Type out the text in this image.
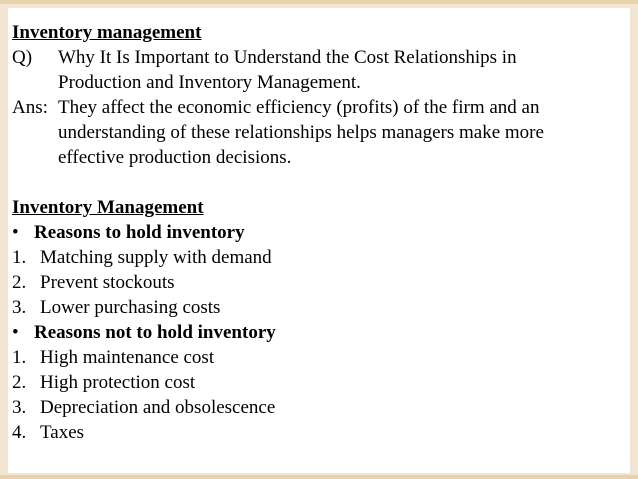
Inventory management
Q) Why It Is Important to Understand the Cost Relationships in
Production and Inventory Management.
Ans: They affect the economic efficiency (profits) of the firm and an
understanding of these relationships helps managers make more
effective production decisions.
Inventory Management
• Reasons to hold inventory
1. Matching supply with demand
2. Prevent stockouts
3. Lower purchasing costs
• Reasons not to hold inventory
1. High maintenance cost
2. High protection cost
3. Depreciation and obsolescence
4. Taxes
